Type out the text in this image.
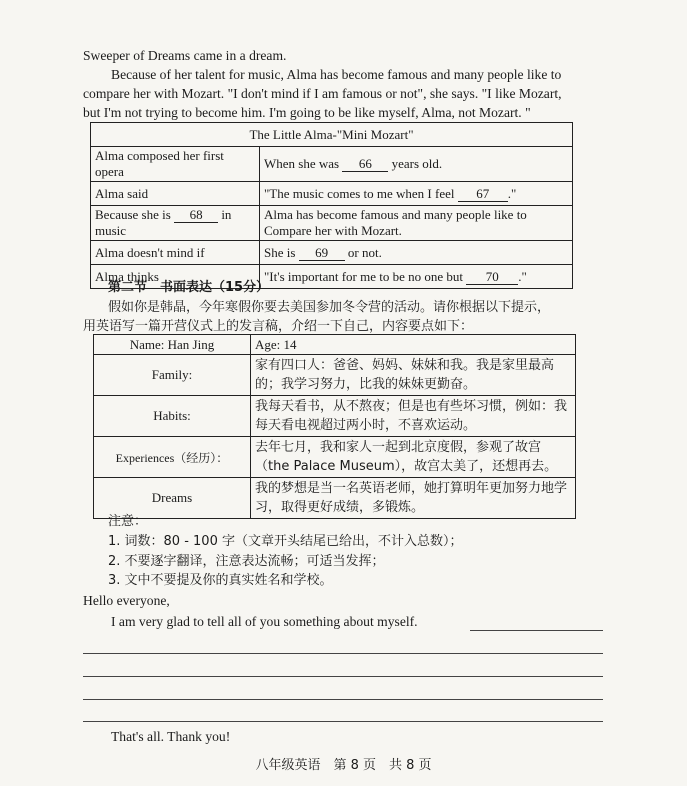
Sweeper of Dreams came in a dream.
Because of her talent for music, Alma has become famous and many people like to
compare her with Mozart. "I don't mind if I am famous or not", she says. "I like Mozart,
but I'm not trying to become him. I'm going to be like myself, Alma, not Mozart. "
The Little Alma-"Mini Mozart"	
Alma composed her first opera	When she was 66 years old.
Alma said	"The music comes to me when I feel 67 ."
Because she is 68 in music	Alma has become famous and many people like to Compare her with Mozart.
Alma doesn't mind if	She is 69 or not.
Alma thinks	"It's important for me to be no one but 70 ."
第二节　书面表达（15分）
假如你是韩晶，今年寒假你要去美国参加冬令营的活动。请你根据以下提示，
用英语写一篇开营仪式上的发言稿，介绍一下自己，内容要点如下：
Name: Han Jing	Age: 14
Family:	家有四口人：爸爸、妈妈、妹妹和我。我是家里最高的；我学习努力，比我的妹妹更勤奋。
Habits:	我每天看书，从不熬夜；但是也有些坏习惯，例如：我每天看电视超过两小时，不喜欢运动。
Experiences（经历）：	去年七月，我和家人一起到北京度假，参观了故宫（the Palace Museum），故宫太美了，还想再去。
Dreams	我的梦想是当一名英语老师，她打算明年更加努力地学习，取得更好成绩，多锻炼。
注意：
1. 词数：80 - 100 字（文章开头结尾已给出，不计入总数）；
2. 不要逐字翻译，注意表达流畅；可适当发挥；
3. 文中不要提及你的真实姓名和学校。
Hello everyone,
I am very glad to tell all of you something about myself.
That's all. Thank you!
八年级英语　第 8 页　共 8 页
